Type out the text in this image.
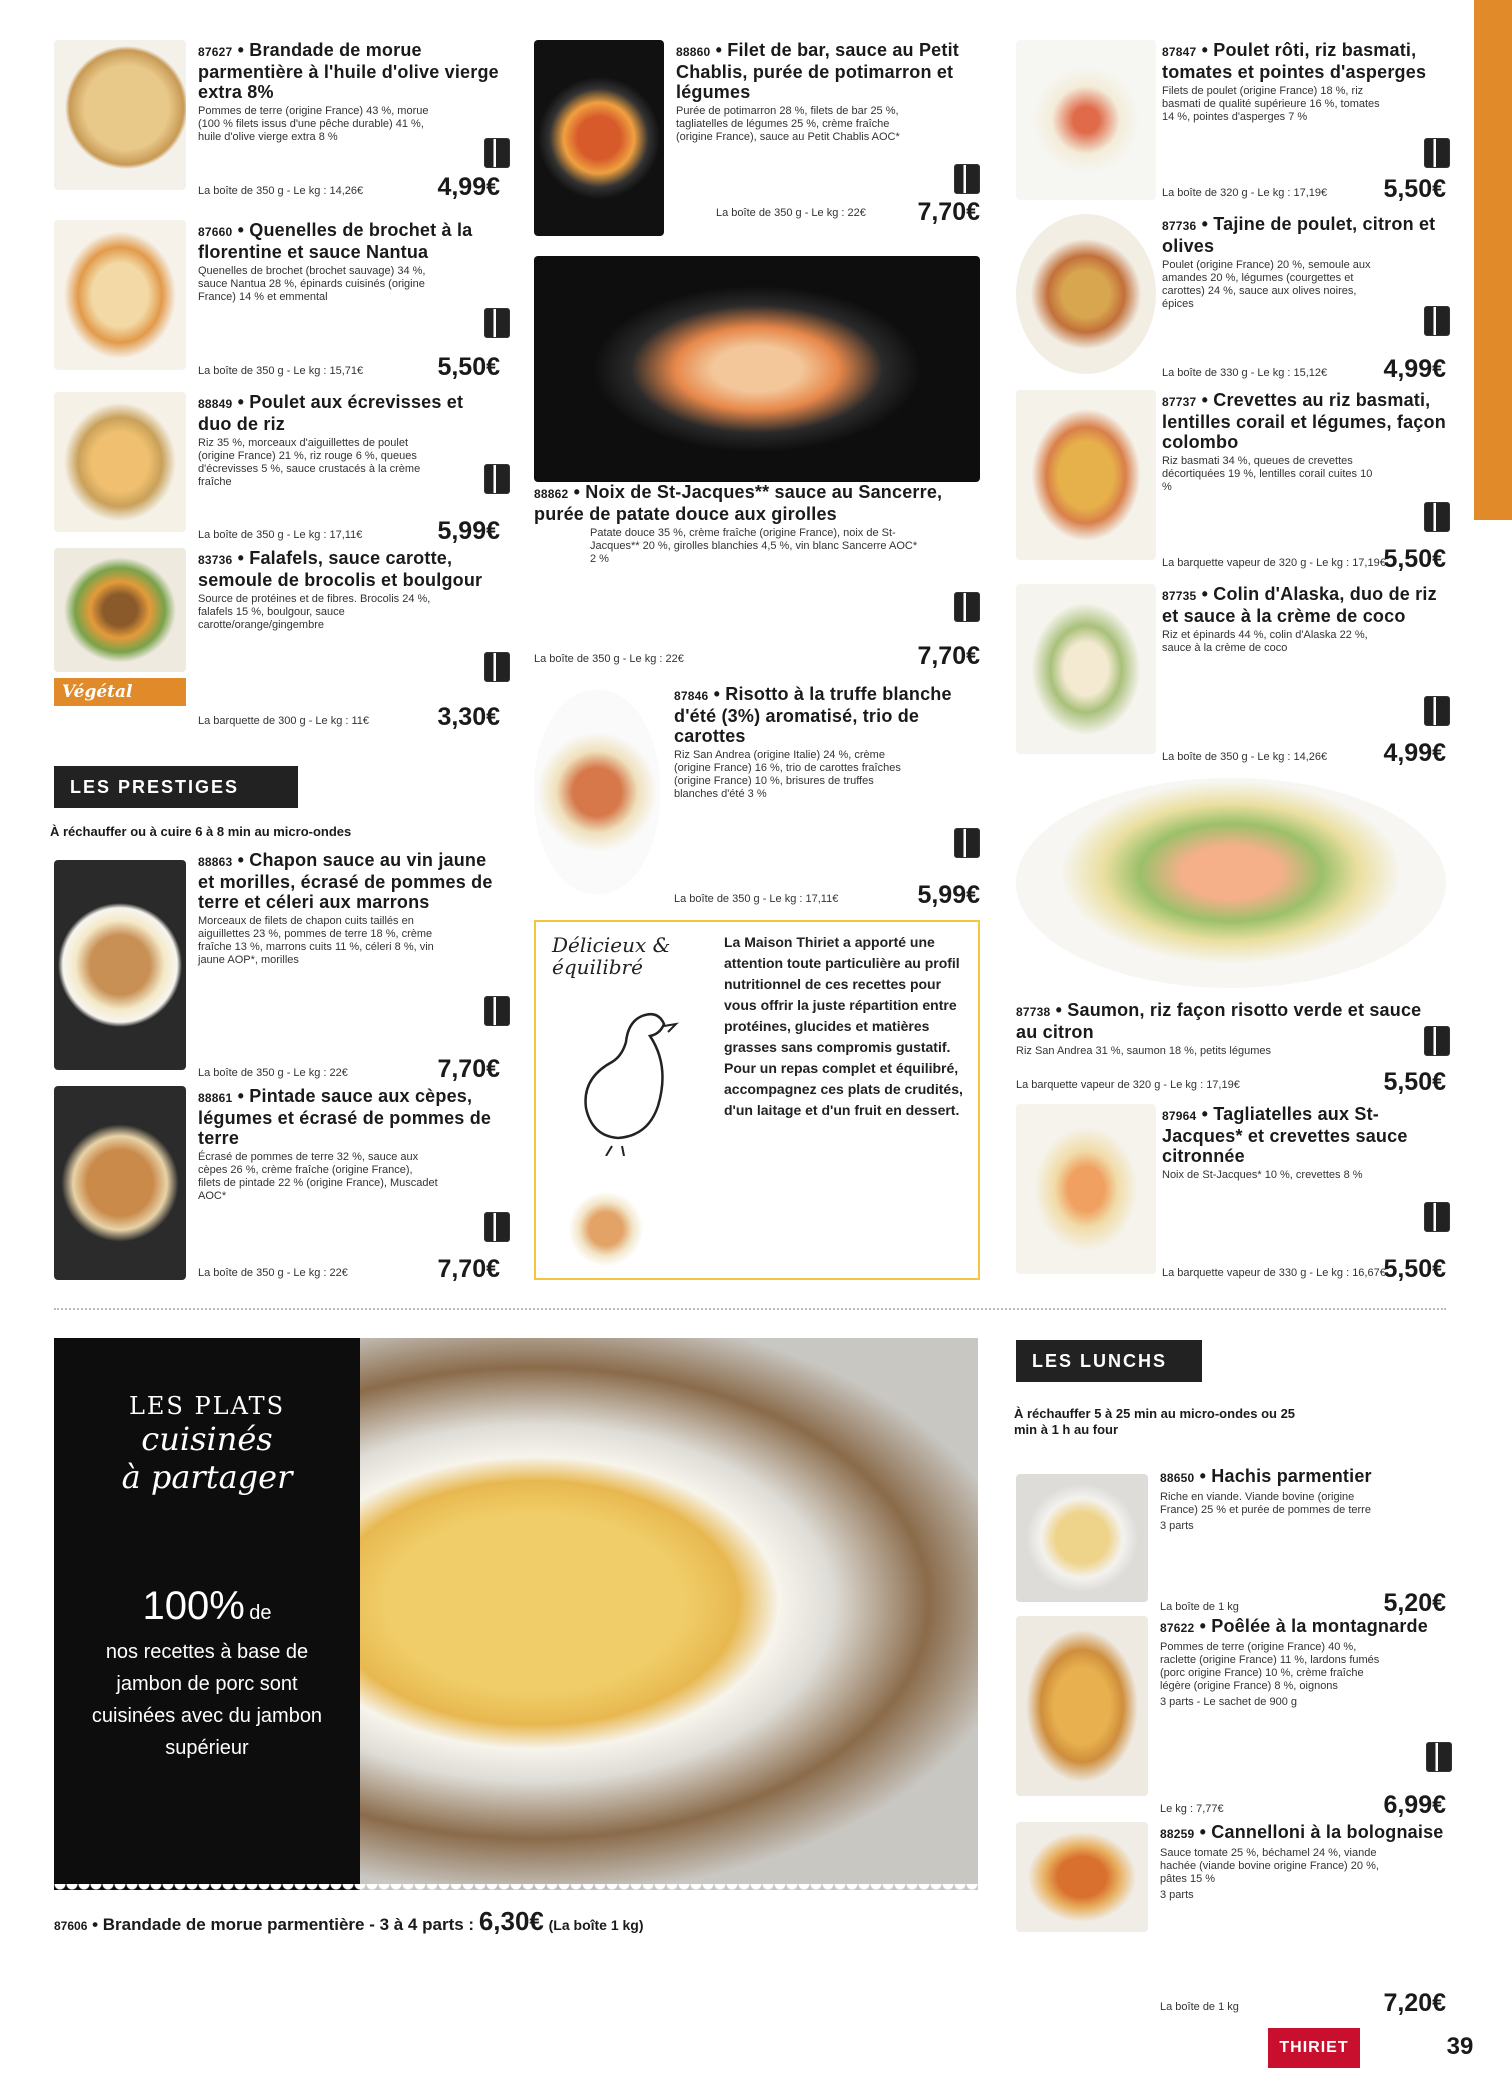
87627 • Brandade de morue parmentière à l'huile d'olive vierge extra 8%
Pommes de terre (origine France) 43 %, morue (100 % filets issus d'une pêche durable) 41 %, huile d'olive vierge extra 8 %
La boîte de 350 g - Le kg : 14,26€	4,99€
87660 • Quenelles de brochet à la florentine et sauce Nantua
Quenelles de brochet (brochet sauvage) 34 %, sauce Nantua 28 %, épinards cuisinés (origine France) 14 % et emmental
La boîte de 350 g - Le kg : 15,71€	5,50€
88849 • Poulet aux écrevisses et duo de riz
Riz 35 %, morceaux d'aiguillettes de poulet (origine France) 21 %, riz rouge 6 %, queues d'écrevisses 5 %, sauce crustacés à la crème fraîche
La boîte de 350 g - Le kg : 17,11€	5,99€
Végétal
83736 • Falafels, sauce carotte, semoule de brocolis et boulgour
Source de protéines et de fibres. Brocolis 24 %, falafels 15 %, boulgour, sauce carotte/orange/gingembre
La barquette de 300 g - Le kg : 11€	3,30€
LES PRESTIGES
À réchauffer ou à cuire 6 à 8 min au micro-ondes
88863 • Chapon sauce au vin jaune et morilles, écrasé de pommes de terre et céleri aux marrons
Morceaux de filets de chapon cuits taillés en aiguillettes 23 %, pommes de terre 18 %, crème fraîche 13 %, marrons cuits 11 %, céleri 8 %, vin jaune AOP*, morilles
La boîte de 350 g - Le kg : 22€	7,70€
88861 • Pintade sauce aux cèpes, légumes et écrasé de pommes de terre
Écrasé de pommes de terre 32 %, sauce aux cèpes 26 %, crème fraîche (origine France), filets de pintade 22 % (origine France), Muscadet AOC*
La boîte de 350 g - Le kg : 22€	7,70€
88860 • Filet de bar, sauce au Petit Chablis, purée de potimarron et légumes
Purée de potimarron 28 %, filets de bar 25 %, tagliatelles de légumes 25 %, crème fraîche (origine France), sauce au Petit Chablis AOC*
La boîte de 350 g - Le kg : 22€ 7,70€
88862 • Noix de St-Jacques** sauce au Sancerre, purée de patate douce aux girolles
Patate douce 35 %, crème fraîche (origine France), noix de St-Jacques** 20 %, girolles blanchies 4,5 %, vin blanc Sancerre AOC* 2 %
La boîte de 350 g - Le kg : 22€	7,70€
87846 • Risotto à la truffe blanche d'été (3%) aromatisé, trio de carottes
Riz San Andrea (origine Italie) 24 %, crème (origine France) 16 %, trio de carottes fraîches (origine France) 10 %, brisures de truffes blanches d'été 3 %
La boîte de 350 g - Le kg : 17,11€	5,99€
Délicieux & équilibré
La Maison Thiriet a apporté une attention toute particulière au profil nutritionnel de ces recettes pour vous offrir la juste répartition entre protéines, glucides et matières grasses sans compromis gustatif. Pour un repas complet et équilibré, accompagnez ces plats de crudités, d'un laitage et d'un fruit en dessert.
87847 • Poulet rôti, riz basmati, tomates et pointes d'asperges
Filets de poulet (origine France) 18 %, riz basmati de qualité supérieure 16 %, tomates 14 %, pointes d'asperges 7 %
La boîte de 320 g - Le kg : 17,19€ 5,50€
87736 • Tajine de poulet, citron et olives
Poulet (origine France) 20 %, semoule aux amandes 20 %, légumes (courgettes et carottes) 24 %, sauce aux olives noires, épices
La boîte de 330 g - Le kg : 15,12€ 4,99€
87737 • Crevettes au riz basmati, lentilles corail et légumes, façon colombo
Riz basmati 34 %, queues de crevettes décortiquées 19 %, lentilles corail cuites 10 %
La barquette vapeur de 320 g - Le kg : 17,19€
5,50€
87735 • Colin d'Alaska, duo de riz et sauce à la crème de coco
Riz et épinards 44 %, colin d'Alaska 22 %, sauce à la crème de coco
La boîte de 350 g - Le kg : 14,26€ 4,99€
87738 • Saumon, riz façon risotto verde et sauce au citron
Riz San Andrea 31 %, saumon 18 %, petits légumes
La barquette vapeur de 320 g - Le kg : 17,19€	5,50€
87964 • Tagliatelles aux St-Jacques* et crevettes sauce citronnée
Noix de St-Jacques* 10 %, crevettes 8 %
La barquette vapeur de 330 g - Le kg : 16,67€
5,50€
LES PLATS
cuisinés
à partager
100% de
nos recettes à base de jambon de porc sont cuisinées avec du jambon supérieur
87606 • Brandade de morue parmentière - 3 à 4 parts : 6,30€ (La boîte 1 kg)
LES LUNCHS
À réchauffer 5 à 25 min au micro-ondes ou 25 min à 1 h au four
88650 • Hachis parmentier
Riche en viande. Viande bovine (origine France) 25 % et purée de pommes de terre
3 parts
La boîte de 1 kg	5,20€
87622 • Poêlée à la montagnarde
Pommes de terre (origine France) 40 %, raclette (origine France) 11 %, lardons fumés (porc origine France) 10 %, crème fraîche légère (origine France) 8 %, oignons
3 parts - Le sachet de 900 g
Le kg : 7,77€	6,99€
88259 • Cannelloni à la bolognaise
Sauce tomate 25 %, béchamel 24 %, viande hachée (viande bovine origine France) 20 %, pâtes 15 %
3 parts
La boîte de 1 kg	7,20€
THIRIET	39
